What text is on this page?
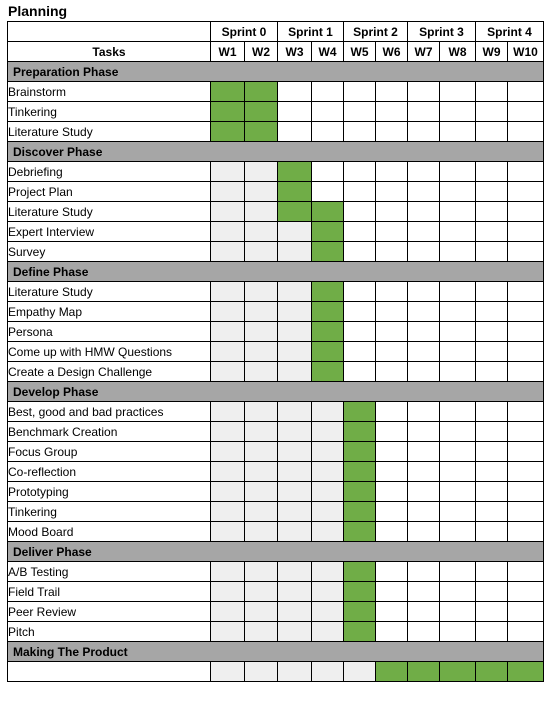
Planning
	Sprint 0		Sprint 1		Sprint 2		Sprint 3		Sprint 4	
Tasks	W1	W2	W3	W4	W5	W6	W7	W8	W9	W10
Preparation Phase										
Brainstorm										
Tinkering										
Literature Study										
Discover Phase										
Debriefing										
Project Plan										
Literature Study										
Expert Interview										
Survey										
Define Phase										
Literature Study										
Empathy Map										
Persona										
Come up with HMW Questions										
Create a Design Challenge										
Develop Phase										
Best, good and bad practices										
Benchmark Creation										
Focus Group										
Co-reflection										
Prototyping										
Tinkering										
Mood Board										
Deliver Phase										
A/B Testing										
Field Trail										
Peer Review										
Pitch										
Making The Product										
